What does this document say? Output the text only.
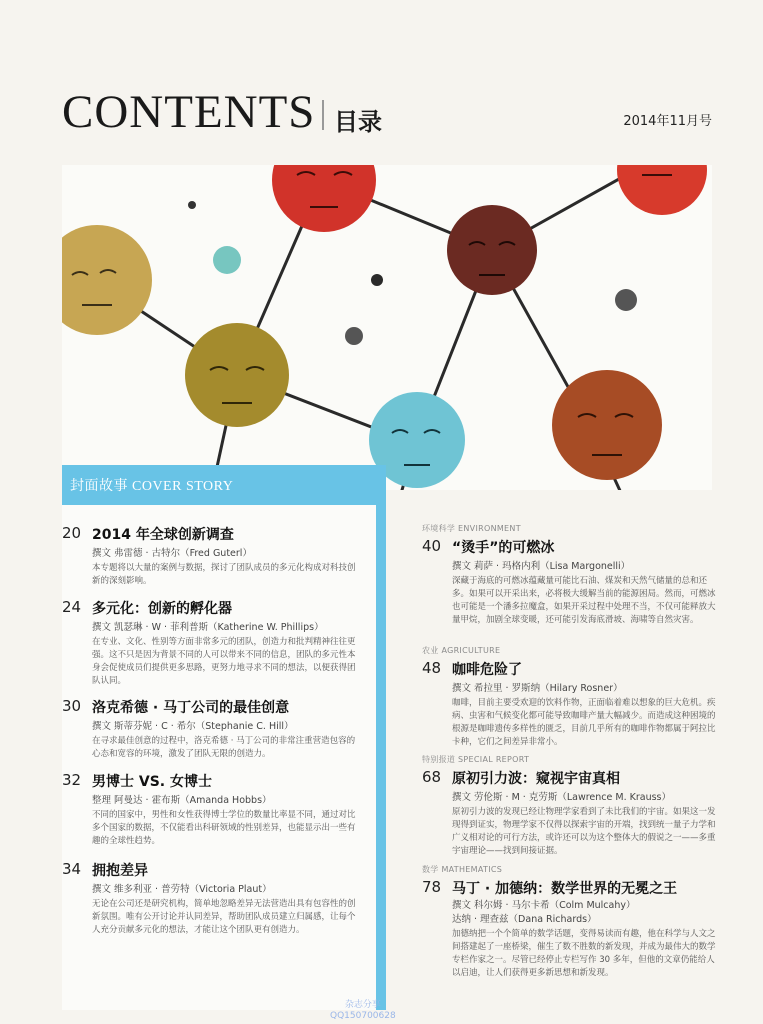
CONTENTS 目录	2014年11月号
封面故事 COVER STORY
20 2014 年全球创新调查
撰文 弗雷德 · 古特尔（Fred Guterl）
本专题将以大量的案例与数据，探讨了团队成员的多元化构成对科技创新的深刻影响。
24 多元化：创新的孵化器
撰文 凯瑟琳 · W · 菲利普斯（Katherine W. Phillips）
在专业、文化、性别等方面非常多元的团队，创造力和批判精神往往更强。这不只是因为背景不同的人可以带来不同的信息，团队的多元性本身会促使成员们提供更多思路，更努力地寻求不同的想法，以便获得团队认同。
30 洛克希德 · 马丁公司的最佳创意
撰文 斯蒂芬妮 · C · 希尔（Stephanie C. Hill）
在寻求最佳创意的过程中，洛克希德 · 马丁公司的非常注重营造包容的心态和宽容的环境，激发了团队无限的创造力。
32 男博士 VS. 女博士
整理 阿曼达 · 霍布斯（Amanda Hobbs）
不同的国家中，男性和女性获得博士学位的数量比率显不同，通过对比多个国家的数据，不仅能看出科研领域的性别差异，也能显示出一些有趣的全球性趋势。
34 拥抱差异
撰文 维多利亚 · 普劳特（Victoria Plaut）
无论在公司还是研究机构，简单地忽略差异无法营造出具有包容性的创新氛围。唯有公开讨论并认同差异，帮助团队成员建立归属感，让每个人充分贡献多元化的想法，才能让这个团队更有创造力。
环境科学 ENVIRONMENT
40 “烫手”的可燃冰
撰文 莉萨 · 玛格内利（Lisa Margonelli）
深藏于海底的可燃冰蕴藏量可能比石油、煤炭和天然气储量的总和还多。如果可以开采出来，必将极大缓解当前的能源困局。然而，可燃冰也可能是一个潘多拉魔盒，如果开采过程中处理不当，不仅可能释放大量甲烷，加剧全球变暖，还可能引发海底滑坡、海啸等自然灾害。
农业 AGRICULTURE
48 咖啡危险了
撰文 希拉里 · 罗斯纳（Hilary Rosner）
咖啡，目前主要受欢迎的饮料作物，正面临着难以想象的巨大危机。疾病、虫害和气候变化都可能导致咖啡产量大幅减少。而造成这种困境的根源是咖啡遗传多样性的匮乏，目前几乎所有的咖啡作物都属于阿拉比卡种，它们之间差异非常小。
特别报道 SPECIAL REPORT
68 原初引力波：窥视宇宙真相
撰文 劳伦斯 · M · 克劳斯（Lawrence M. Krauss）
原初引力波的发现已经让物理学家看到了未比我们的宇宙。如果这一发现得到证实，物理学家不仅得以探索宇宙的开端，找到统一量子力学和广义相对论的可行方法，或许还可以为这个整体大的假说之一——多重宇宙理论——找到间接证据。
数学 MATHEMATICS
78 马丁 · 加德纳：数学世界的无冕之王
撰文 科尔姆 · 马尔卡希（Colm Mulcahy）
达纳 · 理查兹（Dana Richards）
加德纳把一个个简单的数学话题，变得易读而有趣，他在科学与人文之间搭建起了一座桥梁，催生了数不胜数的新发现，并成为最伟大的数学专栏作家之一。尽管已经停止专栏写作 30 多年，但他的文章仍能给人以启迪，让人们获得更多新思想和新发现。
杂志分享
QQ150700628
